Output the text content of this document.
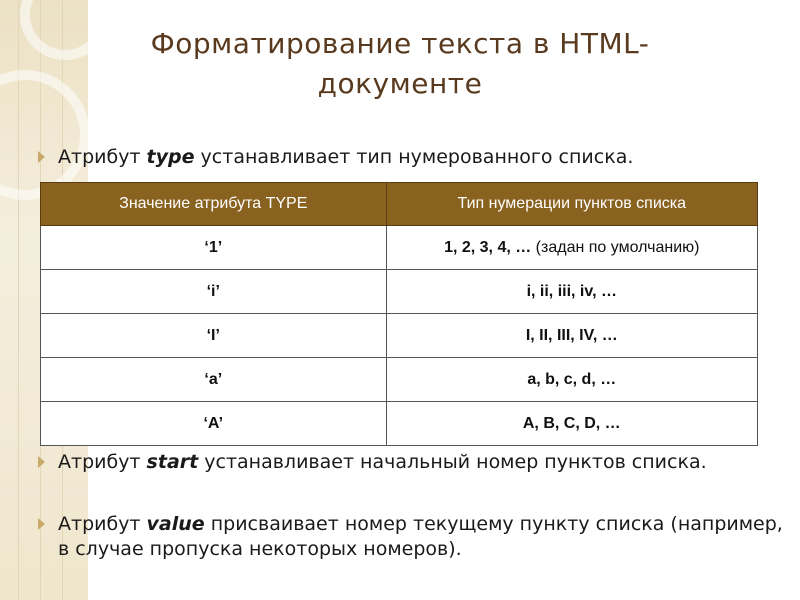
Форматирование текста в HTML-
документе
Атрибут type устанавливает тип нумерованного списка.
Значение атрибута TYPE	Тип нумерации пунктов списка
‘1’	1, 2, 3, 4, … (задан по умолчанию)
‘i’	i, ii, iii, iv, …
‘I’	I, II, III, IV, …
‘a’	a, b, c, d, …
‘A’	A, B, C, D, …
Атрибут start устанавливает начальный номер пунктов списка.
Атрибут value присваивает номер текущему пункту списка (например, в случае пропуска некоторых номеров).
